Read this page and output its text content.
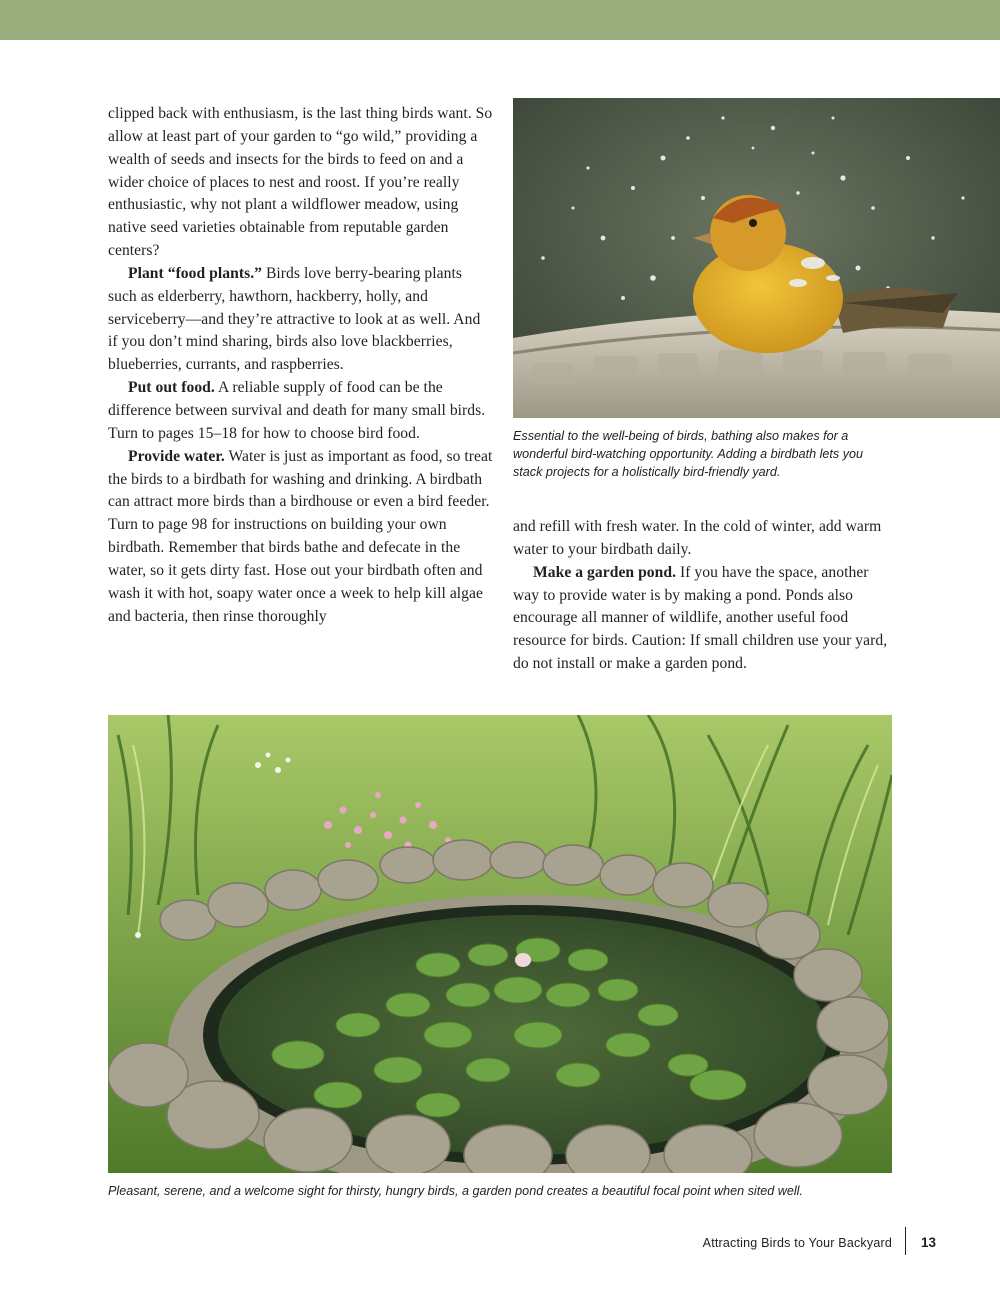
clipped back with enthusiasm, is the last thing birds want. So allow at least part of your garden to “go wild,” providing a wealth of seeds and insects for the birds to feed on and a wider choice of places to nest and roost. If you’re really enthusiastic, why not plant a wildflower meadow, using native seed varieties obtainable from reputable garden centers?

Plant “food plants.” Birds love berry-bearing plants such as elderberry, hawthorn, hackberry, holly, and serviceberry—and they’re attractive to look at as well. And if you don’t mind sharing, birds also love blackberries, blueberries, currants, and raspberries.

Put out food. A reliable supply of food can be the difference between survival and death for many small birds. Turn to pages 15–18 for how to choose bird food.

Provide water. Water is just as important as food, so treat the birds to a birdbath for washing and drinking. A birdbath can attract more birds than a birdhouse or even a bird feeder. Turn to page 98 for instructions on building your own birdbath. Remember that birds bathe and defecate in the water, so it gets dirty fast. Hose out your birdbath often and wash it with hot, soapy water once a week to help kill algae and bacteria, then rinse thoroughly

Essential to the well-being of birds, bathing also makes for a wonderful bird-watching opportunity. Adding a birdbath lets you stack projects for a holistically bird-friendly yard.

and refill with fresh water. In the cold of winter, add warm water to your birdbath daily.

Make a garden pond. If you have the space, another way to provide water is by making a pond. Ponds also encourage all manner of wildlife, another useful food resource for birds. Caution: If small children use your yard, do not install or make a garden pond.

Pleasant, serene, and a welcome sight for thirsty, hungry birds, a garden pond creates a beautiful focal point when sited well.

Attracting Birds to Your Backyard 13
